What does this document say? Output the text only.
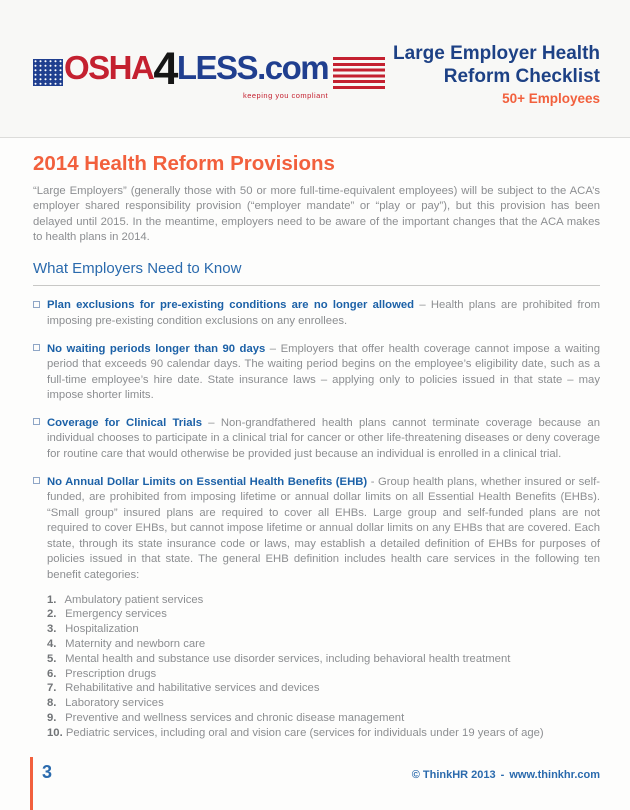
OSHA 4 LESS .com
keeping you compliant
Large Employer Health
Reform Checklist
50+ Employees
2014 Health Reform Provisions

“Large Employers” (generally those with 50 or more full-time-equivalent employees) will be subject to the ACA’s employer shared responsibility provision (“employer mandate” or “play or pay”), but this provision has been delayed until 2015. In the meantime, employers need to be aware of the important changes that the ACA makes to health plans in 2014.

What Employers Need to Know

Plan exclusions for pre-existing conditions are no longer allowed – Health plans are prohibited from imposing pre-existing condition exclusions on any enrollees.

No waiting periods longer than 90 days – Employers that offer health coverage cannot impose a waiting period that exceeds 90 calendar days. The waiting period begins on the employee’s eligibility date, such as a full-time employee’s hire date. State insurance laws – applying only to policies issued in that state – may impose shorter limits.

Coverage for Clinical Trials – Non-grandfathered health plans cannot terminate coverage because an individual chooses to participate in a clinical trial for cancer or other life-threatening diseases or deny coverage for routine care that would otherwise be provided just because an individual is enrolled in a clinical trial.

No Annual Dollar Limits on Essential Health Benefits (EHB) - Group health plans, whether insured or self-funded, are prohibited from imposing lifetime or annual dollar limits on all Essential Health Benefits (EHBs). “Small group” insured plans are required to cover all EHBs. Large group and self-funded plans are not required to cover EHBs, but cannot impose lifetime or annual dollar limits on any EHBs that are covered. Each state, through its state insurance code or laws, may establish a detailed definition of EHBs for purposes of policies issued in that state. The general EHB definition includes health care services in the following ten benefit categories:

1. Ambulatory patient services
2. Emergency services
3. Hospitalization
4. Maternity and newborn care
5. Mental health and substance use disorder services, including behavioral health treatment
6. Prescription drugs
7. Rehabilitative and habilitative services and devices
8. Laboratory services
9. Preventive and wellness services and chronic disease management
10. Pediatric services, including oral and vision care (services for individuals under 19 years of age)
3	© ThinkHR 2013 - www.thinkhr.com
